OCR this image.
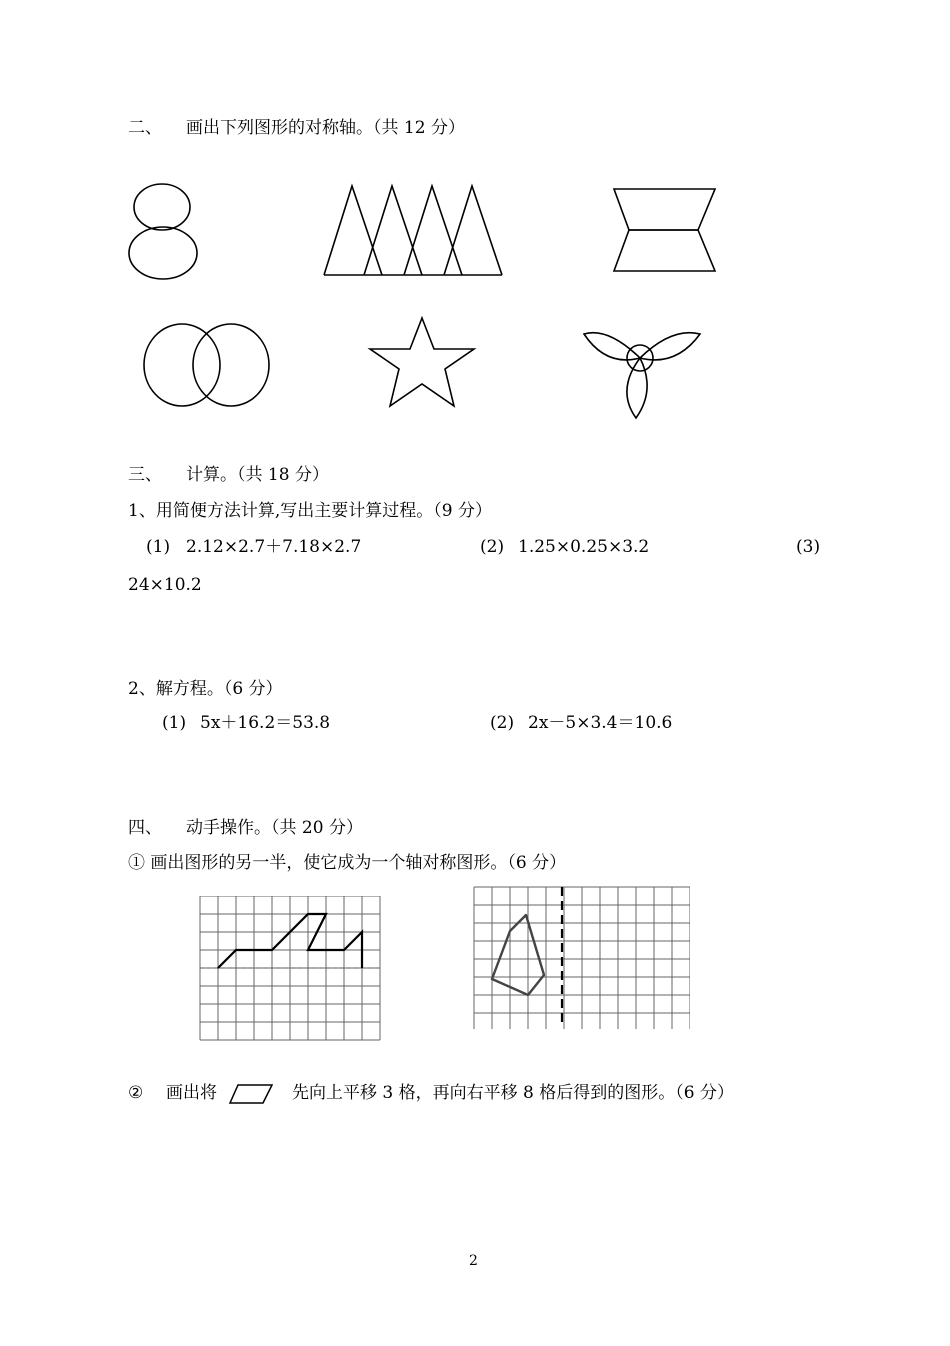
二、 画出下列图形的对称轴。（共 12 分）
三、 计算。（共 18 分）
1、用简便方法计算,写出主要计算过程。（9 分）
(1) 2.12×2.7＋7.18×2.7	(2) 1.25×0.25×3.2	(3)
24×10.2
2、解方程。（6 分）
(1) 5x＋16.2＝53.8	(2) 2x－5×3.4＝10.6
四、 动手操作。（共 20 分）
① 画出图形的另一半，使它成为一个轴对称图形。（6 分）
② 画出将	先向上平移 3 格，再向右平移 8 格后得到的图形。（6 分）
2
